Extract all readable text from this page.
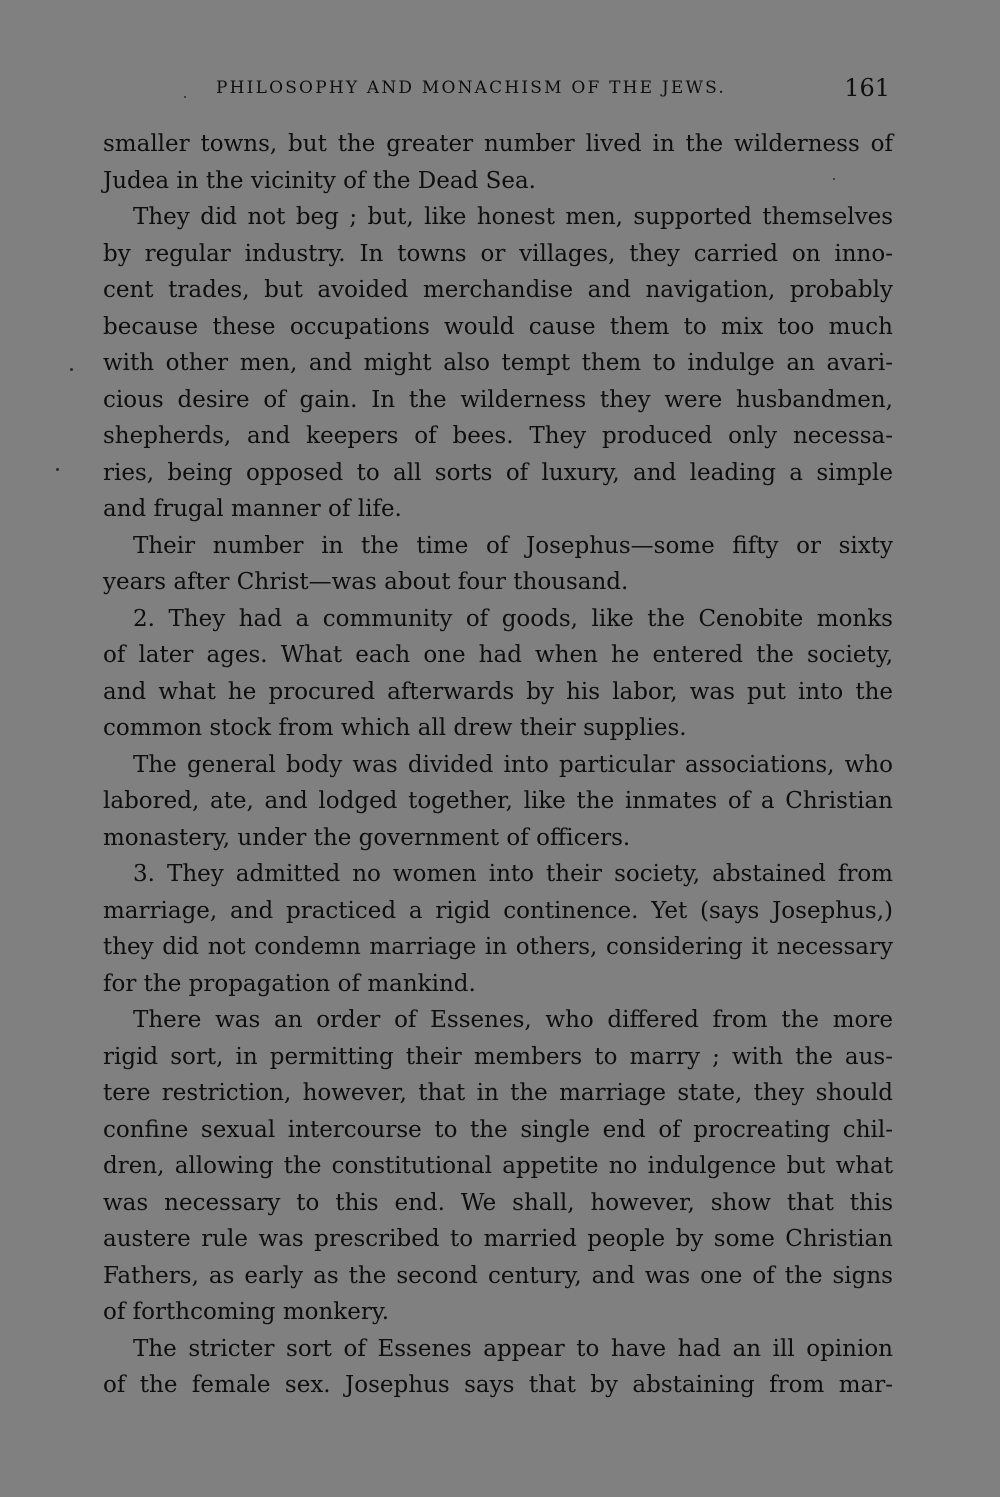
PHILOSOPHY AND MONACHISM OF THE JEWS.	161
smaller towns, but the greater number lived in the wilderness of
Judea in the vicinity of the Dead Sea.
They did not beg ; but, like honest men, supported themselves
by regular industry. In towns or villages, they carried on inno-
cent trades, but avoided merchandise and navigation, probably
because these occupations would cause them to mix too much
with other men, and might also tempt them to indulge an avari-
cious desire of gain. In the wilderness they were husbandmen,
shepherds, and keepers of bees. They produced only necessa-
ries, being opposed to all sorts of luxury, and leading a simple
and frugal manner of life.
Their number in the time of Josephus—some fifty or sixty
years after Christ—was about four thousand.
2. They had a community of goods, like the Cenobite monks
of later ages. What each one had when he entered the society,
and what he procured afterwards by his labor, was put into the
common stock from which all drew their supplies.
The general body was divided into particular associations, who
labored, ate, and lodged together, like the inmates of a Christian
monastery, under the government of officers.
3. They admitted no women into their society, abstained from
marriage, and practiced a rigid continence. Yet (says Josephus,)
they did not condemn marriage in others, considering it necessary
for the propagation of mankind.
There was an order of Essenes, who differed from the more
rigid sort, in permitting their members to marry ; with the aus-
tere restriction, however, that in the marriage state, they should
confine sexual intercourse to the single end of procreating chil-
dren, allowing the constitutional appetite no indulgence but what
was necessary to this end. We shall, however, show that this
austere rule was prescribed to married people by some Christian
Fathers, as early as the second century, and was one of the signs
of forthcoming monkery.
The stricter sort of Essenes appear to have had an ill opinion
of the female sex. Josephus says that by abstaining from mar-
